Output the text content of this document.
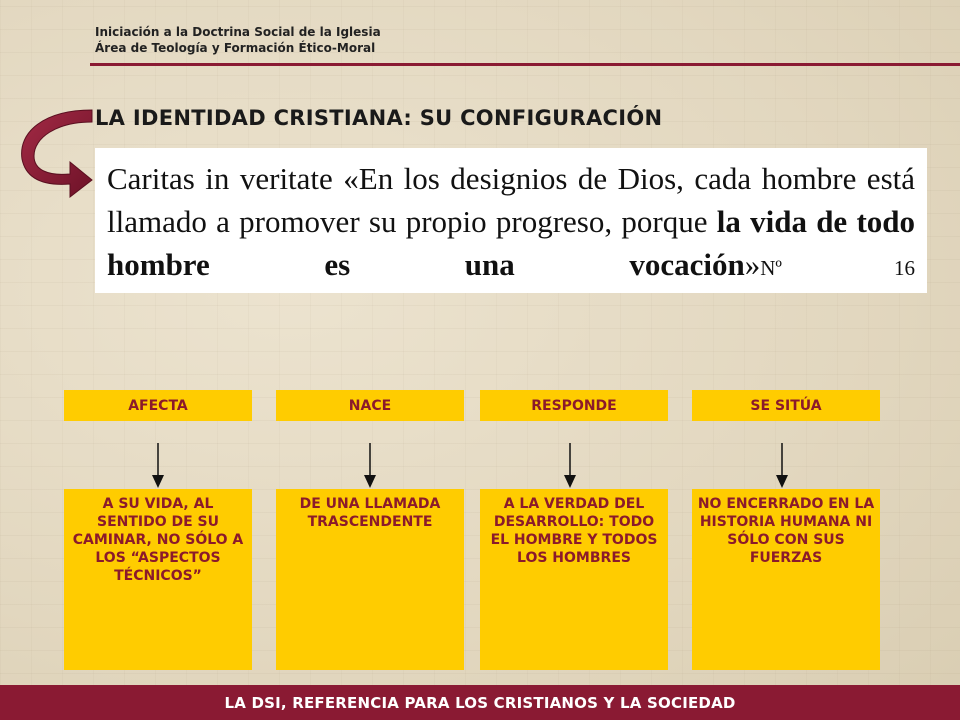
Iniciación a la Doctrina Social de la Iglesia
Área de Teología y Formación Ético-Moral
LA IDENTIDAD CRISTIANA: SU CONFIGURACIÓN
Caritas in veritate «En los designios de Dios, cada hombre está llamado a promover su propio progreso, porque la vida de todo hombre es una vocación»Nº 16
AFECTA
A SU VIDA, AL SENTIDO DE SU CAMINAR, NO SÓLO A LOS “ASPECTOS TÉCNICOS”
NACE
DE UNA LLAMADA TRASCENDENTE
RESPONDE
A LA VERDAD DEL DESARROLLO: TODO EL HOMBRE Y TODOS LOS HOMBRES
SE SITÚA
NO ENCERRADO EN LA HISTORIA HUMANA NI SÓLO CON SUS FUERZAS
LA DSI, REFERENCIA PARA LOS CRISTIANOS Y LA SOCIEDAD
